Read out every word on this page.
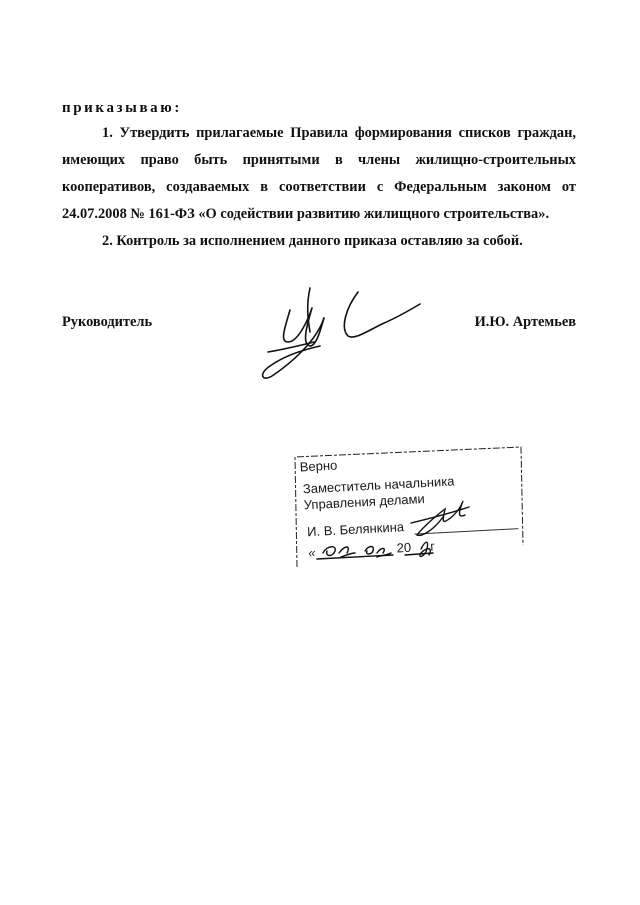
приказываю:

1. Утвердить прилагаемые Правила формирования списков граждан, имеющих право быть принятыми в члены жилищно-строительных кооперативов, создаваемых в соответствии с Федеральным законом от 24.07.2008 № 161-ФЗ «О содействии развитию жилищного строительства».

2. Контроль за исполнением данного приказа оставляю за собой.

Руководитель	И.Ю. Артемьев
Верно
Заместитель начальника
Управления делами
И. В. Белянкина
«	20 г
